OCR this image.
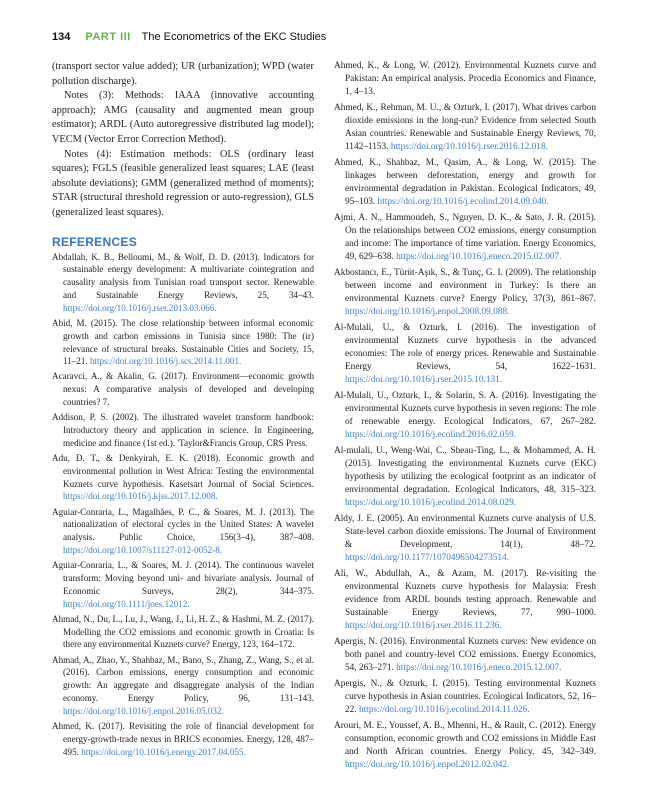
134 PART III The Econometrics of the EKC Studies

(transport sector value added); UR (urbanization); WPD (water pollution discharge).

Notes (3): Methods: IAAA (innovative accounting approach); AMG (causality and augmented mean group estimator); ARDL (Auto autoregressive distributed lag model); VECM (Vector Error Correction Method).

Notes (4): Estimation methods: OLS (ordinary least squares); FGLS (feasible generalized least squares; LAE (least absolute deviations); GMM (generalized method of moments); STAR (structural threshold regression or auto-regression), GLS (generalized least squares).

REFERENCES
Abdallah, K. B., Belloumi, M., & Wolf, D. D. (2013). Indicators for sustainable energy development: A multivariate cointegration and causality analysis from Tunisian road transport sector. Renewable and Sustainable Energy Reviews, 25, 34–43. https://doi.org/10.1016/j.rser.2013.03.066.
Abid, M. (2015). The close relationship between informal economic growth and carbon emissions in Tunisia since 1980: The (ir) relevance of structural breaks. Sustainable Cities and Society, 15, 11–21. https://doi.org/10.1016/j.scs.2014.11.001.
Acaravci, A., & Akalin, G. (2017). Environment—economic growth nexus: A comparative analysis of developed and developing countries? 7.
Addison, P. S. (2002). The illustrated wavelet transform handbook: Introductory theory and application in science. In Engineering, medicine and finance (1st ed.). 'Taylor&Francis Group, CRS Press.
Adu, D. T., & Denkyirah, E. K. (2018). Economic growth and environmental pollution in West Africa: Testing the environmental Kuznets curve hypothesis. Kasetsart Journal of Social Sciences. https://doi.org/10.1016/j.kjss.2017.12.008.
Aguiar-Conraria, L., Magalhães, P. C., & Soares, M. J. (2013). The nationalization of electoral cycles in the United States: A wavelet analysis. Public Choice, 156(3–4), 387–408. https://doi.org/10.1007/s11127-012-0052-8.
Aguiar-Conraria, L., & Soares, M. J. (2014). The continuous wavelet transform: Moving beyond uni- and bivariate analysis. Journal of Economic Surveys, 28(2), 344–375. https://doi.org/10.1111/joes.12012.
Ahmad, N., Du, L., Lu, J., Wang, J., Li, H. Z., & Hashmi, M. Z. (2017). Modelling the CO2 emissions and economic growth in Croatia: Is there any environmental Kuznets curve? Energy, 123, 164–172.
Ahmad, A., Zhao, Y., Shahbaz, M., Bano, S., Zhang, Z., Wang, S., et al. (2016). Carbon emissions, energy consumption and economic growth: An aggregate and disaggregate analysis of the Indian economy. Energy Policy, 96, 131–143. https://doi.org/10.1016/j.enpol.2016.05.032.
Ahmed, K. (2017). Revisiting the role of financial development for energy-growth-trade nexus in BRICS economies. Energy, 128, 487–495. https://doi.org/10.1016/j.energy.2017.04.055.
Ahmed, K., & Long, W. (2012). Environmental Kuznets curve and Pakistan: An empirical analysis. Procedia Economics and Finance, 1, 4–13.
Ahmed, K., Rehman, M. U., & Ozturk, I. (2017). What drives carbon dioxide emissions in the long-run? Evidence from selected South Asian countries. Renewable and Sustainable Energy Reviews, 70, 1142–1153. https://doi.org/10.1016/j.rser.2016.12.018.
Ahmed, K., Shahbaz, M., Qasim, A., & Long, W. (2015). The linkages between deforestation, energy and growth for environmental degradation in Pakistan. Ecological Indicators, 49, 95–103. https://doi.org/10.1016/j.ecolind.2014.09.040.
Ajmi, A. N., Hammoudeh, S., Nguyen, D. K., & Sato, J. R. (2015). On the relationships between CO2 emissions, energy consumption and income: The importance of time variation. Energy Economics, 49, 629–638. https://doi.org/10.1016/j.eneco.2015.02.007.
Akbostancı, E., Türüt-Aşık, S., & Tunç, G. I. (2009). The relationship between income and environment in Turkey: Is there an environmental Kuznets curve? Energy Policy, 37(3), 861–867. https://doi.org/10.1016/j.enpol.2008.09.088.
Al-Mulali, U., & Ozturk, I. (2016). The investigation of environmental Kuznets curve hypothesis in the advanced economies: The role of energy prices. Renewable and Sustainable Energy Reviews, 54, 1622–1631. https://doi.org/10.1016/j.rser.2015.10.131.
Al-Mulali, U., Ozturk, I., & Solarin, S. A. (2016). Investigating the environmental Kuznets curve hypothesis in seven regions: The role of renewable energy. Ecological Indicators, 67, 267–282. https://doi.org/10.1016/j.ecolind.2016.02.059.
Al-mulali, U., Weng-Wai, C., Sheau-Ting, L., & Mohammed, A. H. (2015). Investigating the environmental Kuznets curve (EKC) hypothesis by utilizing the ecological footprint as an indicator of environmental degradation. Ecological Indicators, 48, 315–323. https://doi.org/10.1016/j.ecolind.2014.08.029.
Aldy, J. E. (2005). An environmental Kuznets curve analysis of U.S. State-level carbon dioxide emissions. The Journal of Environment & Development, 14(1), 48–72. https://doi.org/10.1177/1070496504273514.
Ali, W., Abdullah, A., & Azam, M. (2017). Re-visiting the environmental Kuznets curve hypothesis for Malaysia: Fresh evidence from ARDL bounds testing approach. Renewable and Sustainable Energy Reviews, 77, 990–1000. https://doi.org/10.1016/j.rser.2016.11.236.
Apergis, N. (2016). Environmental Kuznets curves: New evidence on both panel and country-level CO2 emissions. Energy Economics, 54, 263–271. https://doi.org/10.1016/j.eneco.2015.12.007.
Apergis, N., & Ozturk, I. (2015). Testing environmental Kuznets curve hypothesis in Asian countries. Ecological Indicators, 52, 16–22. https://doi.org/10.1016/j.ecolind.2014.11.026.
Arouri, M. E., Youssef, A. B., Mhenni, H., & Rault, C. (2012). Energy consumption, economic growth and CO2 emissions in Middle East and North African countries. Energy Policy, 45, 342–349. https://doi.org/10.1016/j.enpol.2012.02.042.
